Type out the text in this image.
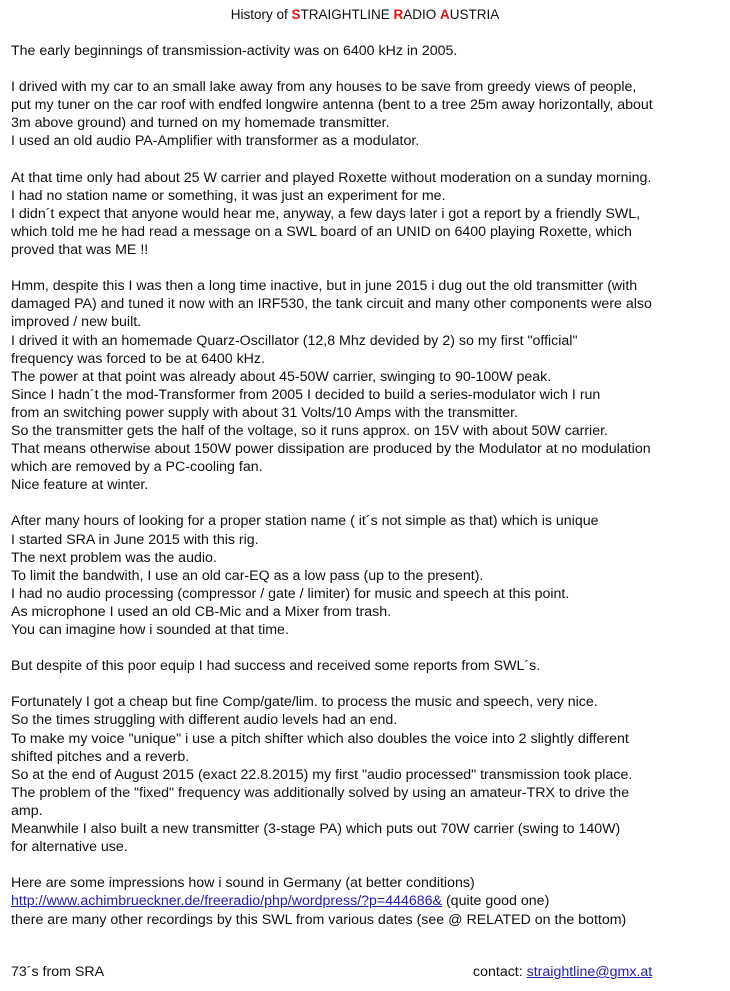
History of STRAIGHTLINE RADIO AUSTRIA
The early beginnings of transmission-activity was on 6400 kHz in 2005.
I drived with my car to an small lake away from any houses to be save from greedy views of people,
put my tuner on the car roof with endfed longwire antenna (bent to a tree 25m away horizontally, about
3m above ground) and turned on my homemade transmitter.
I used an old audio PA-Amplifier with transformer as a modulator.
At that time only had about 25 W carrier and played Roxette without moderation on a sunday morning.
I had no station name or something, it was just an experiment for me.
I didn´t expect that anyone would hear me, anyway, a few days later i got a report by a friendly SWL,
which told me he had read a message on a SWL board of an UNID on 6400 playing Roxette, which
proved that was ME !!
Hmm, despite this I was then a long time inactive, but in june 2015 i dug out the old transmitter (with
damaged PA) and tuned it now with an IRF530, the tank circuit and many other components were also
improved / new built.
I drived it with an homemade Quarz-Oscillator (12,8 Mhz devided by 2) so my first "official"
frequency was forced to be at 6400 kHz.
The power at that point was already about 45-50W carrier, swinging to 90-100W peak.
Since I hadn´t the mod-Transformer from 2005 I decided to build a series-modulator wich I run
from an switching power supply with about 31 Volts/10 Amps with the transmitter.
So the transmitter gets the half of the voltage, so it runs approx. on 15V with about 50W carrier.
That means otherwise about 150W power dissipation are produced by the Modulator at no modulation
which are removed by a PC-cooling fan.
Nice feature at winter.
After many hours of looking for a proper station name ( it´s not simple as that) which is unique
I started SRA in June 2015 with this rig.
The next problem was the audio.
To limit the bandwith, I use an old car-EQ as a low pass (up to the present).
I had no audio processing (compressor / gate / limiter) for music and speech at this point.
As microphone I used an old CB-Mic and a Mixer from trash.
You can imagine how i sounded at that time.
But despite of this poor equip I had success and received some reports from SWL´s.
Fortunately I got a cheap but fine Comp/gate/lim. to process the music and speech, very nice.
So the times struggling with different audio levels had an end.
To make my voice "unique" i use a pitch shifter which also doubles the voice into 2 slightly different
shifted pitches and a reverb.
So at the end of August 2015 (exact 22.8.2015) my first "audio processed" transmission took place.
The problem of the "fixed" frequency was additionally solved by using an amateur-TRX to drive the
amp.
Meanwhile I also built a new transmitter (3-stage PA) which puts out 70W carrier (swing to 140W)
for alternative use.
Here are some impressions how i sound in Germany (at better conditions)
http://www.achimbrueckner.de/freeradio/php/wordpress/?p=444686& (quite good one)
there are many other recordings by this SWL from various dates (see @ RELATED on the bottom)
73´s from SRA	contact: straightline@gmx.at
